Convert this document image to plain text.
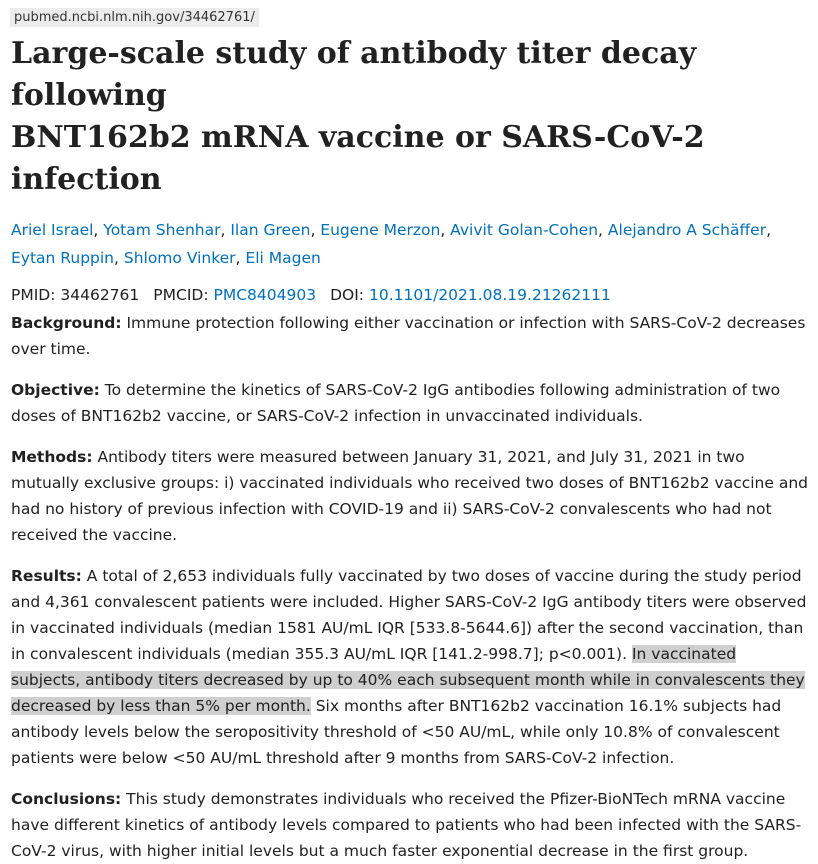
pubmed.ncbi.nlm.nih.gov/34462761/
Large-scale study of antibody titer decay following
BNT162b2 mRNA vaccine or SARS-CoV-2 infection
Ariel Israel, Yotam Shenhar, Ilan Green, Eugene Merzon, Avivit Golan-Cohen, Alejandro A Schäffer,
Eytan Ruppin, Shlomo Vinker, Eli Magen
PMID: 34462761 PMCID: PMC8404903 DOI: 10.1101/2021.08.19.21262111

Background: Immune protection following either vaccination or infection with SARS-CoV-2 decreases over time.

Objective: To determine the kinetics of SARS-CoV-2 IgG antibodies following administration of two doses of BNT162b2 vaccine, or SARS-CoV-2 infection in unvaccinated individuals.

Methods: Antibody titers were measured between January 31, 2021, and July 31, 2021 in two mutually exclusive groups: i) vaccinated individuals who received two doses of BNT162b2 vaccine and had no history of previous infection with COVID-19 and ii) SARS-CoV-2 convalescents who had not received the vaccine.

Results: A total of 2,653 individuals fully vaccinated by two doses of vaccine during the study period and 4,361 convalescent patients were included. Higher SARS-CoV-2 IgG antibody titers were observed in vaccinated individuals (median 1581 AU/mL IQR [533.8-5644.6]) after the second vaccination, than in convalescent individuals (median 355.3 AU/mL IQR [141.2-998.7]; p<0.001). In vaccinated subjects, antibody titers decreased by up to 40% each subsequent month while in convalescents they decreased by less than 5% per month. Six months after BNT162b2 vaccination 16.1% subjects had antibody levels below the seropositivity threshold of <50 AU/mL, while only 10.8% of convalescent patients were below <50 AU/mL threshold after 9 months from SARS-CoV-2 infection.

Conclusions: This study demonstrates individuals who received the Pfizer-BioNTech mRNA vaccine have different kinetics of antibody levels compared to patients who had been infected with the SARS-CoV-2 virus, with higher initial levels but a much faster exponential decrease in the first group.
